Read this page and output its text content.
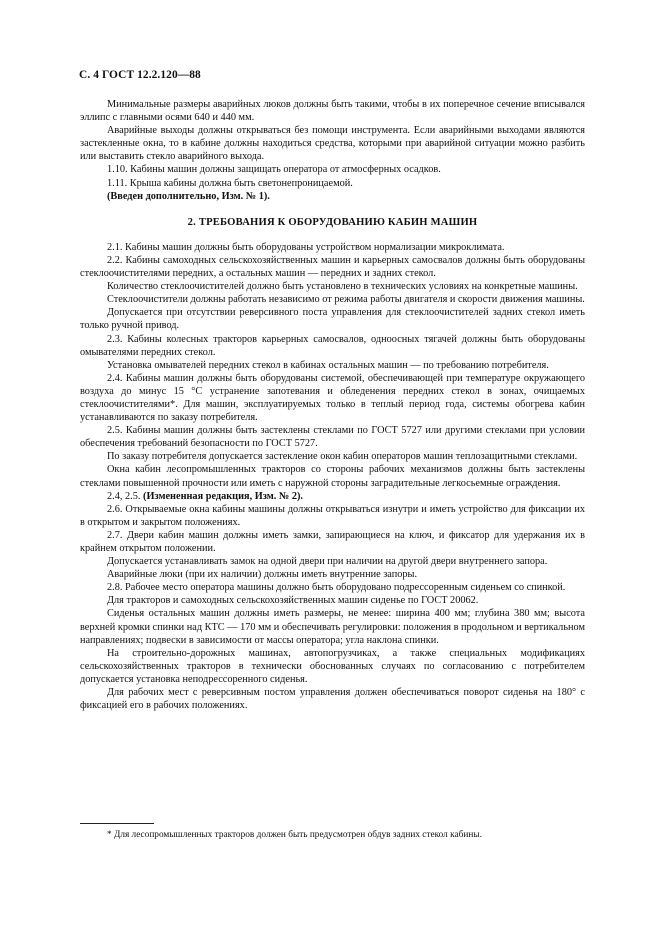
С. 4 ГОСТ 12.2.120—88

Минимальные размеры аварийных люков должны быть такими, чтобы в их поперечное сечение вписывался эллипс с главными осями 640 и 440 мм.

Аварийные выходы должны открываться без помощи инструмента. Если аварийными выходами являются застекленные окна, то в кабине должны находиться средства, которыми при аварийной ситуации можно разбить или выставить стекло аварийного выхода.

1.10. Кабины машин должны защищать оператора от атмосферных осадков.

1.11. Крыша кабины должна быть светонепроницаемой.

(Введен дополнительно, Изм. № 1).

2. ТРЕБОВАНИЯ К ОБОРУДОВАНИЮ КАБИН МАШИН

2.1. Кабины машин должны быть оборудованы устройством нормализации микроклимата.

2.2. Кабины самоходных сельскохозяйственных машин и карьерных самосвалов должны быть оборудованы стеклоочистителями передних, а остальных машин — передних и задних стекол.

Количество стеклоочистителей должно быть установлено в технических условиях на конкретные машины.

Стеклоочистители должны работать независимо от режима работы двигателя и скорости движения машины.

Допускается при отсутствии реверсивного поста управления для стеклоочистителей задних стекол иметь только ручной привод.

2.3. Кабины колесных тракторов карьерных самосвалов, одноосных тягачей должны быть оборудованы омывателями передних стекол.

Установка омывателей передних стекол в кабинах остальных машин — по требованию потребителя.

2.4. Кабины машин должны быть оборудованы системой, обеспечивающей при температуре окружающего воздуха до минус 15 °С устранение запотевания и обледенения передних стекол в зонах, очищаемых стеклоочистителями*. Для машин, эксплуатируемых только в теплый период года, системы обогрева кабин устанавливаются по заказу потребителя.

2.5. Кабины машин должны быть застеклены стеклами по ГОСТ 5727 или другими стеклами при условии обеспечения требований безопасности по ГОСТ 5727.

По заказу потребителя допускается застекление окон кабин операторов машин теплозащитными стеклами.

Окна кабин лесопромышленных тракторов со стороны рабочих механизмов должны быть застеклены стеклами повышенной прочности или иметь с наружной стороны заградительные легкосьемные ограждения.

2.4, 2.5. (Измененная редакция, Изм. № 2).

2.6. Открываемые окна кабины машины должны открываться изнутри и иметь устройство для фиксации их в открытом и закрытом положениях.

2.7. Двери кабин машин должны иметь замки, запирающиеся на ключ, и фиксатор для удержания их в крайнем открытом положении.

Допускается устанавливать замок на одной двери при наличии на другой двери внутреннего запора.

Аварийные люки (при их наличии) должны иметь внутренние запоры.

2.8. Рабочее место оператора машины должно быть оборудовано подрессоренным сиденьем со спинкой.

Для тракторов и самоходных сельскохозяйственных машин сиденье по ГОСТ 20062.

Сиденья остальных машин должны иметь размеры, не менее: ширина 400 мм; глубина 380 мм; высота верхней кромки спинки над КТС — 170 мм и обеспечивать регулировки: положения в продольном и вертикальном направлениях; подвески в зависимости от массы оператора; угла наклона спинки.

На строительно-дорожных машинах, автопогрузчиках, а также специальных модификациях сельскохозяйственных тракторов в технически обоснованных случаях по согласованию с потребителем допускается установка неподрессоренного сиденья.

Для рабочих мест с реверсивным постом управления должен обеспечиваться поворот сиденья на 180° с фиксацией его в рабочих положениях.

* Для лесопромышленных тракторов должен быть предусмотрен обдув задних стекол кабины.
